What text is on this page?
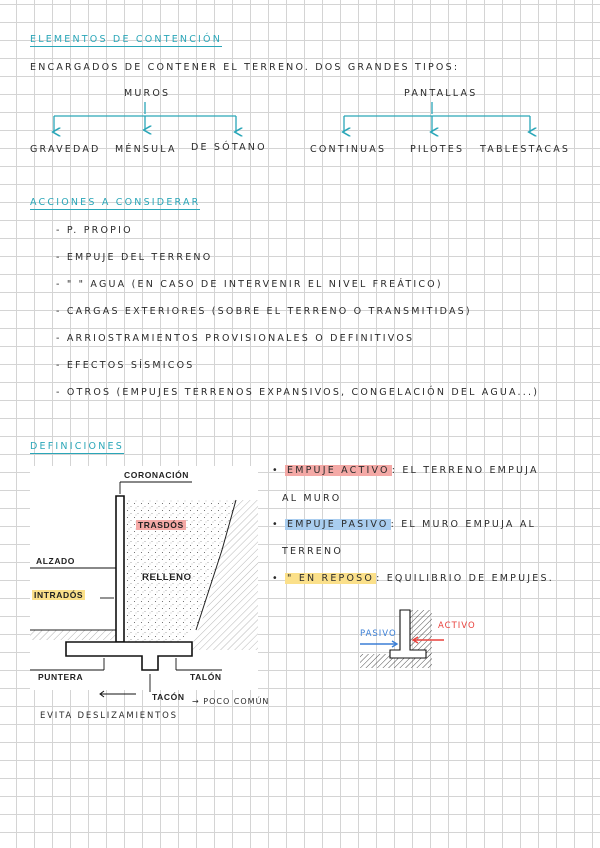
ELEMENTOS DE CONTENCIÓN
ENCARGADOS DE CONTENER EL TERRENO. DOS GRANDES TIPOS:
MUROS	PANTALLAS
GRAVEDAD MÉNSULA DE SÓTANO	CONTINUAS	PILOTES TABLESTACAS
ACCIONES A CONSIDERAR
- P. PROPIO
- EMPUJE DEL TERRENO
- " " AGUA (EN CASO DE INTERVENIR EL NIVEL FREÁTICO)
- CARGAS EXTERIORES (SOBRE EL TERRENO O TRANSMITIDAS)
- ARRIOSTRAMIENTOS PROVISIONALES O DEFINITIVOS
- EFECTOS SÍSMICOS
- OTROS (EMPUJES TERRENOS EXPANSIVOS, CONGELACIÓN DEL AGUA...)
DEFINICIONES
CORONACIÓN
TRASDÓS
ALZADO
RELLENO
INTRADÓS
PUNTERA	TALÓN
TACÓN → POCO COMÚN
EVITA DESLIZAMIENTOS
• EMPUJE ACTIVO : EL TERRENO EMPUJA
AL MURO
• EMPUJE PASIVO : EL MURO EMPUJA AL
TERRENO
• " EN REPOSO : EQUILIBRIO DE EMPUJES.
ACTIVO
PASIVO
